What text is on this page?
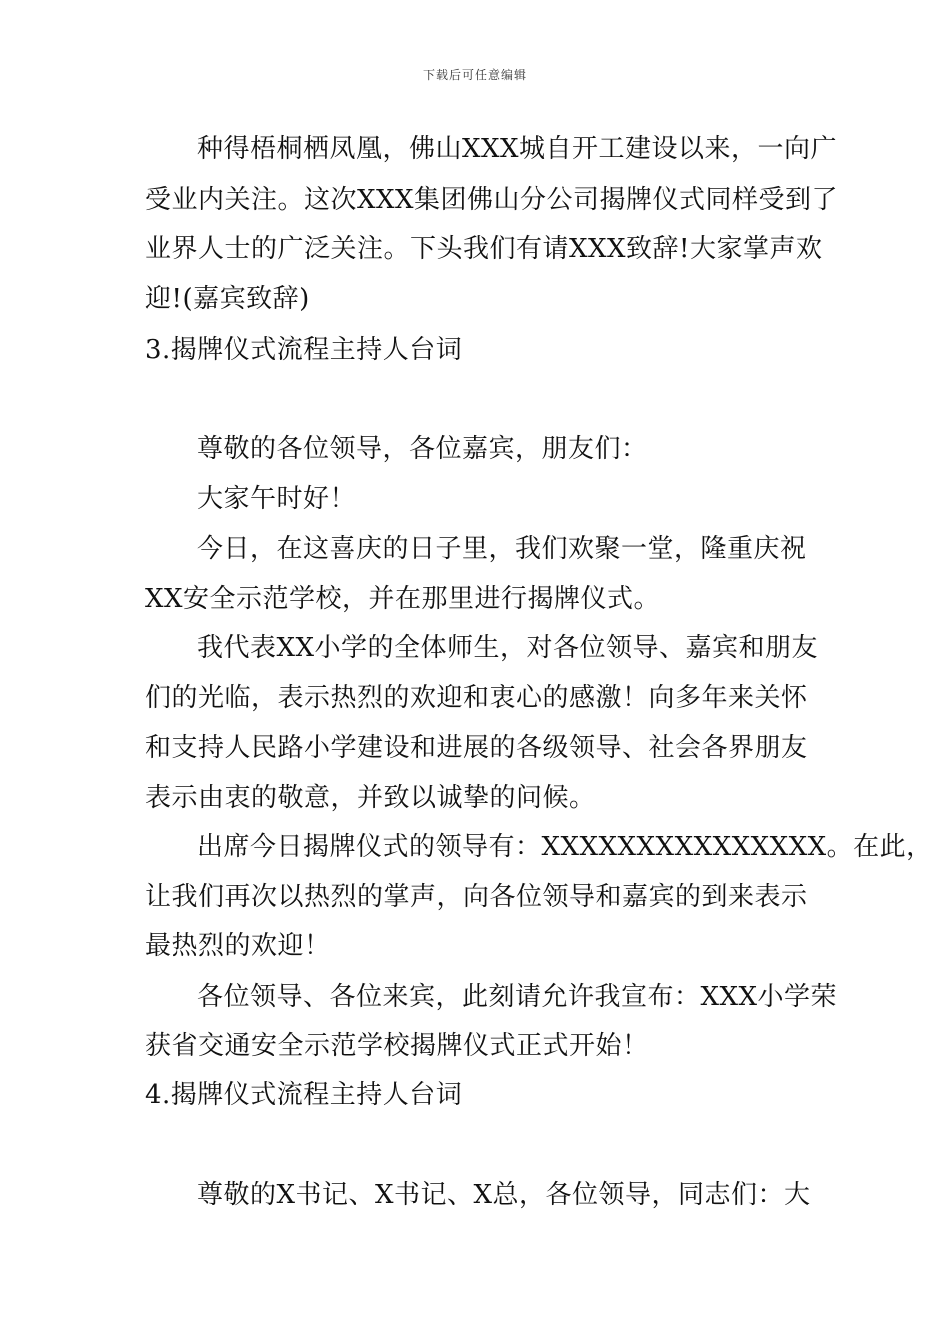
下载后可任意编辑
种得梧桐栖凤凰，佛山XXX城自开工建设以来，一向广
受业内关注。这次XXX集团佛山分公司揭牌仪式同样受到了
业界人士的广泛关注。下头我们有请XXX致辞!大家掌声欢
迎!(嘉宾致辞)
3.揭牌仪式流程主持人台词
尊敬的各位领导，各位嘉宾，朋友们：
大家午时好！
今日，在这喜庆的日子里，我们欢聚一堂，隆重庆祝
XX安全示范学校，并在那里进行揭牌仪式。
我代表XX小学的全体师生，对各位领导、嘉宾和朋友
们的光临，表示热烈的欢迎和衷心的感激！向多年来关怀
和支持人民路小学建设和进展的各级领导、社会各界朋友
表示由衷的敬意，并致以诚挚的问候。
出席今日揭牌仪式的领导有：XXXXXXXXXXXXXXX。在此，
让我们再次以热烈的掌声，向各位领导和嘉宾的到来表示
最热烈的欢迎！
各位领导、各位来宾，此刻请允许我宣布：XXX小学荣
获省交通安全示范学校揭牌仪式正式开始！
4.揭牌仪式流程主持人台词
尊敬的X书记、X书记、X总，各位领导，同志们：大
